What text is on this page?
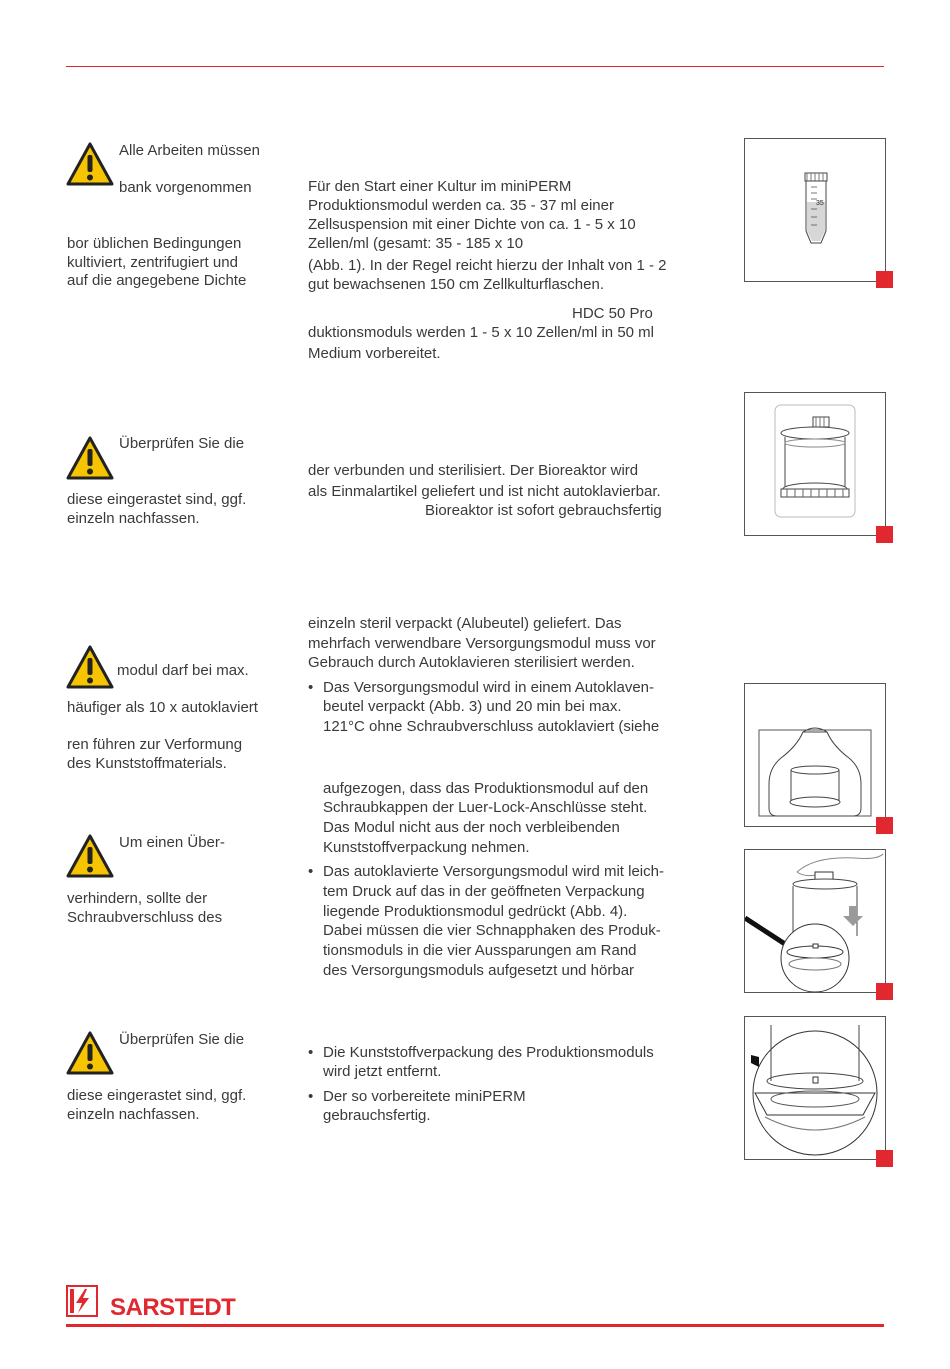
Alle Arbeiten müssen
bank vorgenommen
bor üblichen Bedingungen
kultiviert, zentrifugiert und
auf die angegebene Dichte
Überprüfen Sie die
diese eingerastet sind, ggf.
einzeln nachfassen.
modul darf bei max.
häufiger als 10 x autoklaviert
ren führen zur Verformung
des Kunststoffmaterials.
Um einen Über-
verhindern, sollte der
Schraubverschluss des
Überprüfen Sie die
diese eingerastet sind, ggf.
einzeln nachfassen.
Für den Start einer Kultur im miniPERM
Produktionsmodul werden ca. 35 - 37 ml einer
Zellsuspension mit einer Dichte von ca. 1 - 5 x 10
Zellen/ml (gesamt: 35 - 185 x 10
(Abb. 1). In der Regel reicht hierzu der Inhalt von 1 - 2
gut bewachsenen 150 cm Zellkulturflaschen.
HDC 50 Pro
duktionsmoduls werden 1 - 5 x 10 Zellen/ml in 50 ml
Medium vorbereitet.
der verbunden und sterilisiert. Der Bioreaktor wird
als Einmalartikel geliefert und ist nicht autoklavierbar.
Bioreaktor ist sofort gebrauchsfertig
einzeln steril verpackt (Alubeutel) geliefert. Das
mehrfach verwendbare Versorgungsmodul muss vor
Gebrauch durch Autoklavieren sterilisiert werden.
• Das Versorgungsmodul wird in einem Autoklaven-
beutel verpackt (Abb. 3) und 20 min bei max.
121°C ohne Schraubverschluss autoklaviert (siehe
aufgezogen, dass das Produktionsmodul auf den
Schraubkappen der Luer-Lock-Anschlüsse steht.
Das Modul nicht aus der noch verbleibenden
Kunststoffverpackung nehmen.
• Das autoklavierte Versorgungsmodul wird mit leich-
tem Druck auf das in der geöffneten Verpackung
liegende Produktionsmodul gedrückt (Abb. 4).
Dabei müssen die vier Schnapphaken des Produk-
tionsmoduls in die vier Aussparungen am Rand
des Versorgungsmoduls aufgesetzt und hörbar
• Die Kunststoffverpackung des Produktionsmoduls
wird jetzt entfernt.
• Der so vorbereitete miniPERM
gebrauchsfertig.
35
SARSTEDT
